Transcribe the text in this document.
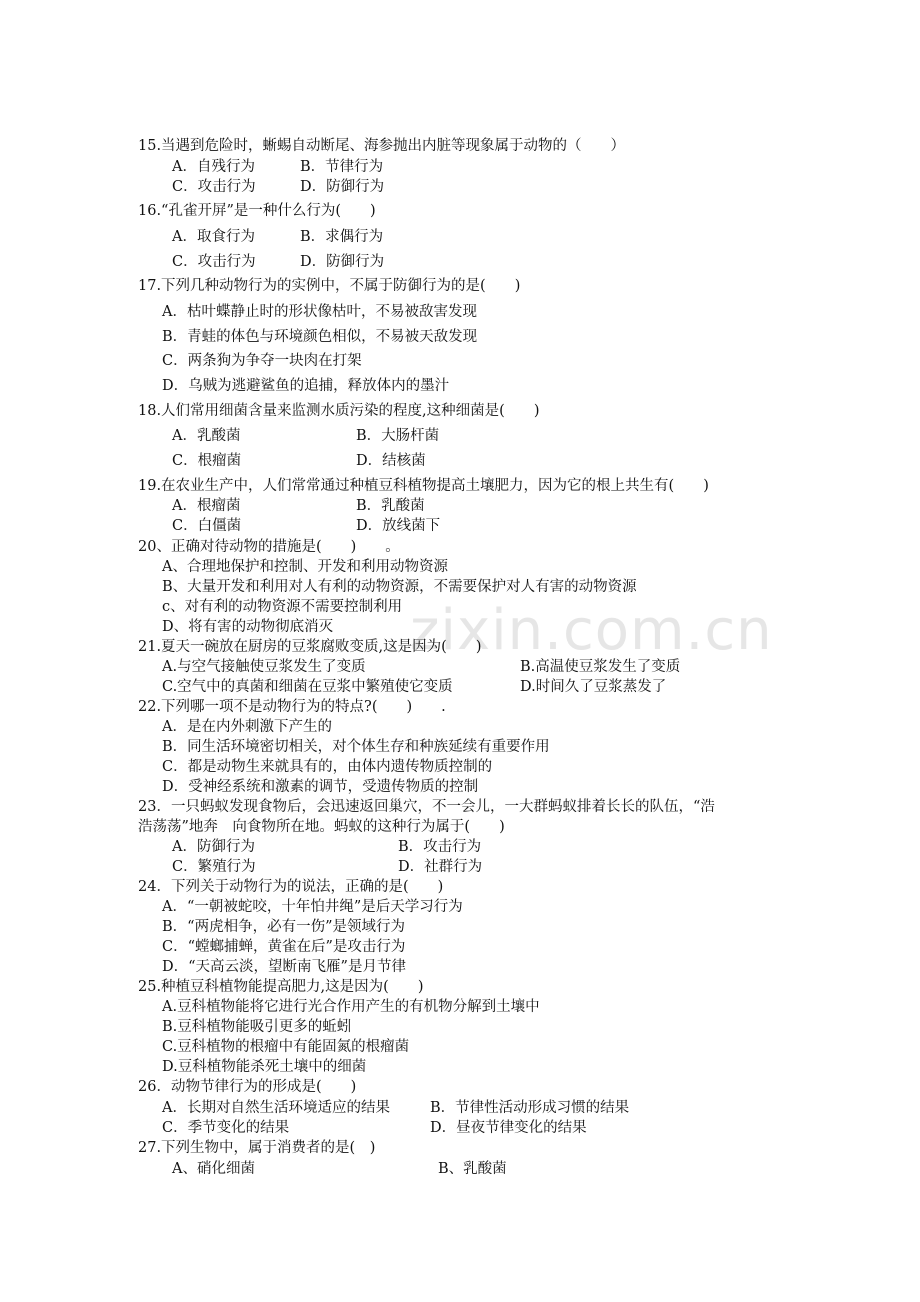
zixin.com.cn
15.当遇到危险时，蜥蜴自动断尾、海参抛出内脏等现象属于动物的（　　）
A．自残行为	B．节律行为
C．攻击行为	D．防御行为
16.“孔雀开屏”是一种什么行为(　　)
A．取食行为	B．求偶行为
C．攻击行为	D．防御行为
17.下列几种动物行为的实例中，不属于防御行为的是(　　)
A．枯叶蝶静止时的形状像枯叶，不易被敌害发现
B．青蛙的体色与环境颜色相似，不易被天敌发现
C．两条狗为争夺一块肉在打架
D．乌贼为逃避鲨鱼的追捕，释放体内的墨汁
18.人们常用细菌含量来监测水质污染的程度,这种细菌是(　　)
A．乳酸菌	B．大肠杆菌
C．根瘤菌	D．结核菌
19.在农业生产中，人们常常通过种植豆科植物提高土壤肥力，因为它的根上共生有(　　)
A．根瘤菌	B．乳酸菌
C．白僵菌	D．放线菌下
20、正确对待动物的措施是(　　)　　。
A、合理地保护和控制、开发和利用动物资源
B、大量开发和利用对人有利的动物资源，不需要保护对人有害的动物资源
c、对有利的动物资源不需要控制利用
D、将有害的动物彻底消灭
21.夏天一碗放在厨房的豆浆腐败变质,这是因为(　　)
A.与空气接触使豆浆发生了变质	B.高温使豆浆发生了变质
C.空气中的真菌和细菌在豆浆中繁殖使它变质	D.时间久了豆浆蒸发了
22.下列哪一项不是动物行为的特点?(　　)　　.
A．是在内外刺激下产生的
B．同生活环境密切相关，对个体生存和种族延续有重要作用
C．都是动物生来就具有的，由体内遗传物质控制的
D．受神经系统和激素的调节，受遗传物质的控制
23．一只蚂蚁发现食物后，会迅速返回巢穴，不一会儿，一大群蚂蚁排着长长的队伍，“浩
浩荡荡”地奔　向食物所在地。蚂蚁的这种行为属于(　　)
A．防御行为	B．攻击行为
C．繁殖行为	D．社群行为
24．下列关于动物行为的说法，正确的是(　　)
A．“一朝被蛇咬，十年怕井绳”是后天学习行为
B．“两虎相争，必有一伤”是领域行为
C．“螳螂捕蝉，黄雀在后”是攻击行为
D．“天高云淡，望断南飞雁”是月节律
25.种植豆科植物能提高肥力,这是因为(　　)
A.豆科植物能将它进行光合作用产生的有机物分解到土壤中
B.豆科植物能吸引更多的蚯蚓
C.豆科植物的根瘤中有能固氮的根瘤菌
D.豆科植物能杀死土壤中的细菌
26．动物节律行为的形成是(　　)
A．长期对自然生活环境适应的结果	B．节律性活动形成习惯的结果
C．季节变化的结果	D．昼夜节律变化的结果
27.下列生物中，属于消费者的是(　)
A、硝化细菌	B、乳酸菌
